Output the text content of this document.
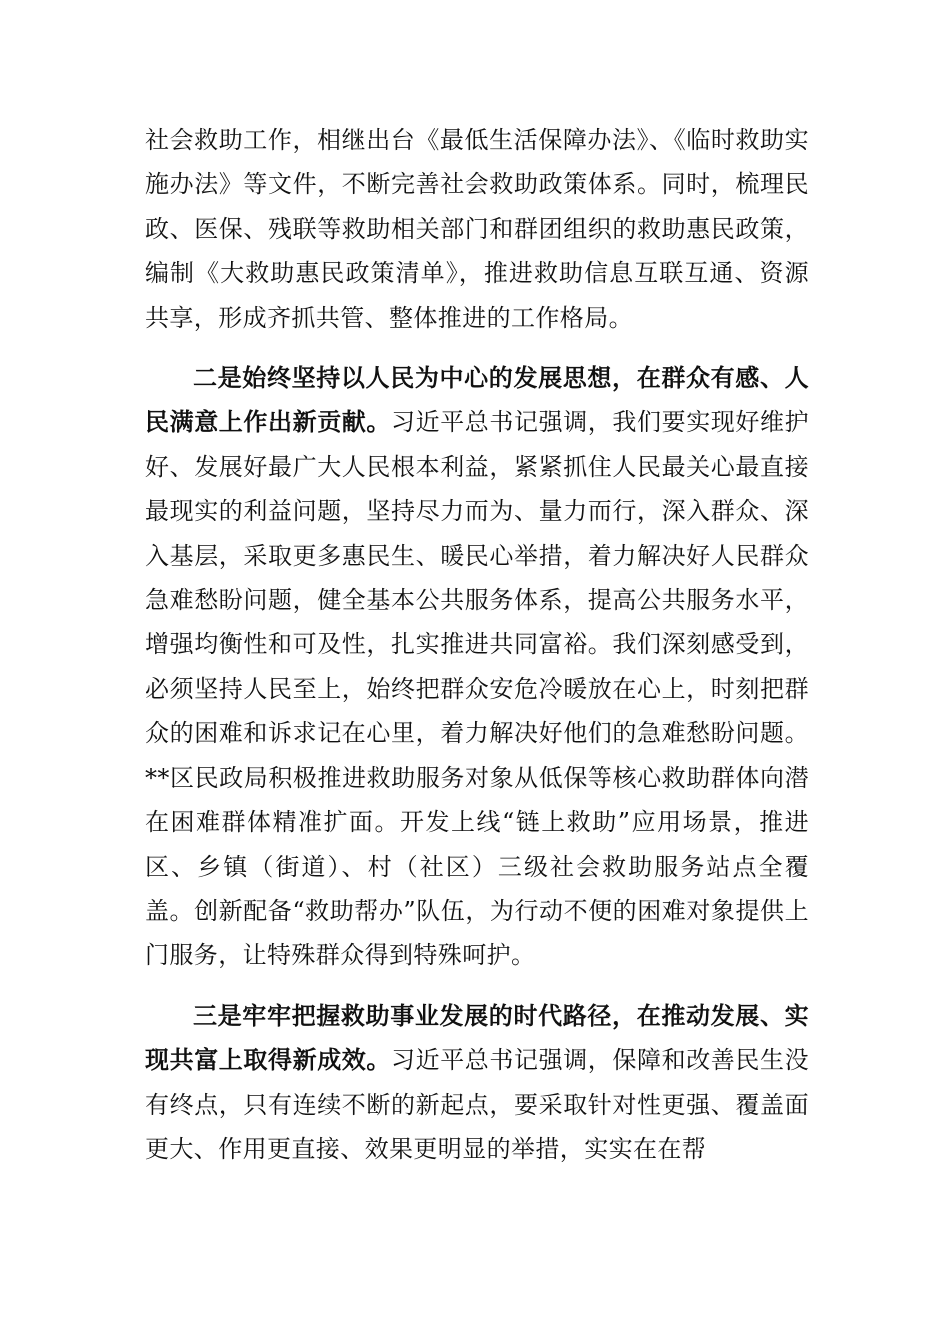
社会救助工作，相继出台《最低生活保障办法》、《临时救助实施办法》等文件，不断完善社会救助政策体系。同时，梳理民政、医保、残联等救助相关部门和群团组织的救助惠民政策，编制《大救助惠民政策清单》，推进救助信息互联互通、资源共享，形成齐抓共管、整体推进的工作格局。

二是始终坚持以人民为中心的发展思想，在群众有感、人民满意上作出新贡献。习近平总书记强调，我们要实现好维护好、发展好最广大人民根本利益，紧紧抓住人民最关心最直接最现实的利益问题，坚持尽力而为、量力而行，深入群众、深入基层，采取更多惠民生、暖民心举措，着力解决好人民群众急难愁盼问题，健全基本公共服务体系，提高公共服务水平，增强均衡性和可及性，扎实推进共同富裕。我们深刻感受到，必须坚持人民至上，始终把群众安危冷暖放在心上，时刻把群众的困难和诉求记在心里，着力解决好他们的急难愁盼问题。**区民政局积极推进救助服务对象从低保等核心救助群体向潜在困难群体精准扩面。开发上线“链上救助”应用场景，推进区、乡镇（街道）、村（社区）三级社会救助服务站点全覆盖。创新配备“救助帮办”队伍，为行动不便的困难对象提供上门服务，让特殊群众得到特殊呵护。

三是牢牢把握救助事业发展的时代路径，在推动发展、实现共富上取得新成效。习近平总书记强调，保障和改善民生没有终点，只有连续不断的新起点，要采取针对性更强、覆盖面更大、作用更直接、效果更明显的举措，实实在在帮
